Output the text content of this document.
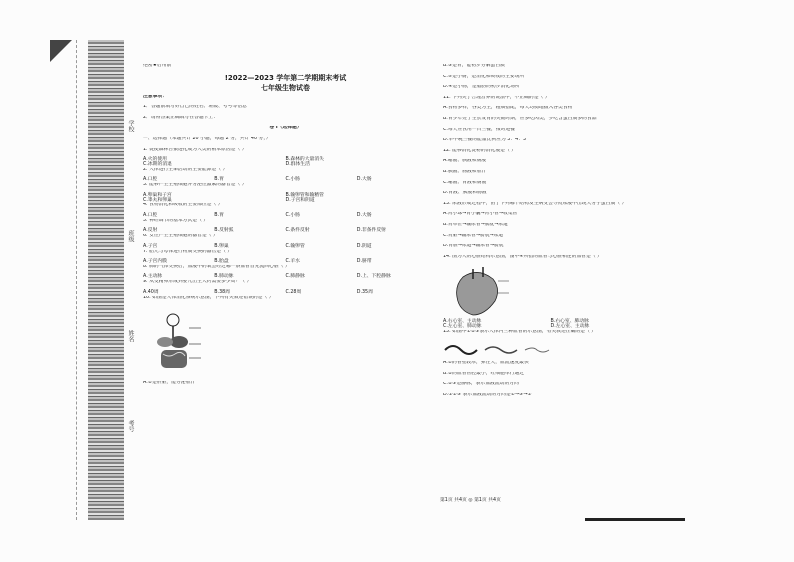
学校
班级
姓名
考号
绝密★启用前
!2022—2023 学年第二学期期末考试
七年级生物试卷
注意事项：
1．答题前填写好自己的姓名、班级、考号等信息
2．请将答案正确填写在答题卡上：
卷 I（选择题）
一、选择题（本题共计 20 小题，每题 2 分，共计 40 分，）
1. 促使森林古猿进化成为人类的根本原因是（ ）
A.火的使用	B.森林的大量消失
C.冰期的消退	D.群体生活
2. 人体进行生命活动的主要能源是（ ）
A.口腔	B.胃	C.小肠	D.大肠
3. 能够产生生殖细胞并分泌性激素的器官是（ ）
A.卵巢和子宫	B.输卵管和输精管
C.睾丸和卵巢	D.子宫和阴道
4. 食物消化和吸收的主要部位是（ ）
A.口腔	B.胃	C.小肠	D.大肠
5. 神经调节的基本方式是（ ）
A.反射	B.反射弧	C.条件反射	D.非条件反射
6. 女性产生生殖细胞的器官是（ ）
A.子宫	B.卵巢	C.输卵管	D.阴道
7. 胎儿与母体进行物质交换的器官是（ ）
A.子宫内膜	B.胎盘	C.羊水	D.脐带
8. 肺的气体交换后，血液中的氧会经过哪一条血管首先流回心脏（ ）
A.主动脉	B.肺动脉	C.肺静脉	D.上、下腔静脉
9. 从受精卵形成到婴儿出生大约需要多少周？（ ）
A.40周	B.38周	C.28周	D.35周
10. 如图是人体消化系统示意图，下列有关叙述错误的是（ ）
A.①是肝脏，能分泌胆汁
B.③是胃，能初步分解蛋白质
C.⑤是小肠，是消化和吸收的主要场所
D.④是小肠，是脂肪的初步消化场所
11. 下列关于合理营养的说法中，不正确的是（ ）
A.食物多样，谷类为主，粗细搭配，每天均衡地摄入各类食物
B.青少年处于生长发育的关键时期，应多吃肉类，少吃含蛋白质多的食品
C.每天应食用一日三餐，按时进餐
D.早中晚三餐的能量比例应为 3：4：3
12. 能够消化淀粉的消化液是（ ）
A.唾液、胰液和肠液
B.胰液、肠液和胆汁
C.唾液、胃液和肠液
D.胃液、胰液和肠液
13. 尿液形成过程中，由于下列哪个结构发生病变会导致尿液中出现大分子蛋白质（ ）
A.肾小球→肾小囊→肾小管→收集管
B.肾单位→输尿管→膀胱→尿道
C.肾脏→输尿管→膀胱→尿道
D.肾脏→尿道→输尿管→膀胱
14. 图为人的心脏结构示意图，图中④所指的血管与心脏相连的血管是（ ）
A.右心室、主动脉	B.右心室、肺动脉
C.左心室、肺动脉	D.左心室、主动脉
15. 如图中①②③表示人体内三种血管的示意图，有关叙述正确的是（ ）
A.①的管壁较厚，弹性大，血流速度最快
B.②的血管管腔最小，红细胞单行通过
C.②③是静脉，表示血液流动的方向
D.①②③ 表示血液流动的方向是①→③→②
第1页 共4页 ◎ 第1页 共4页
